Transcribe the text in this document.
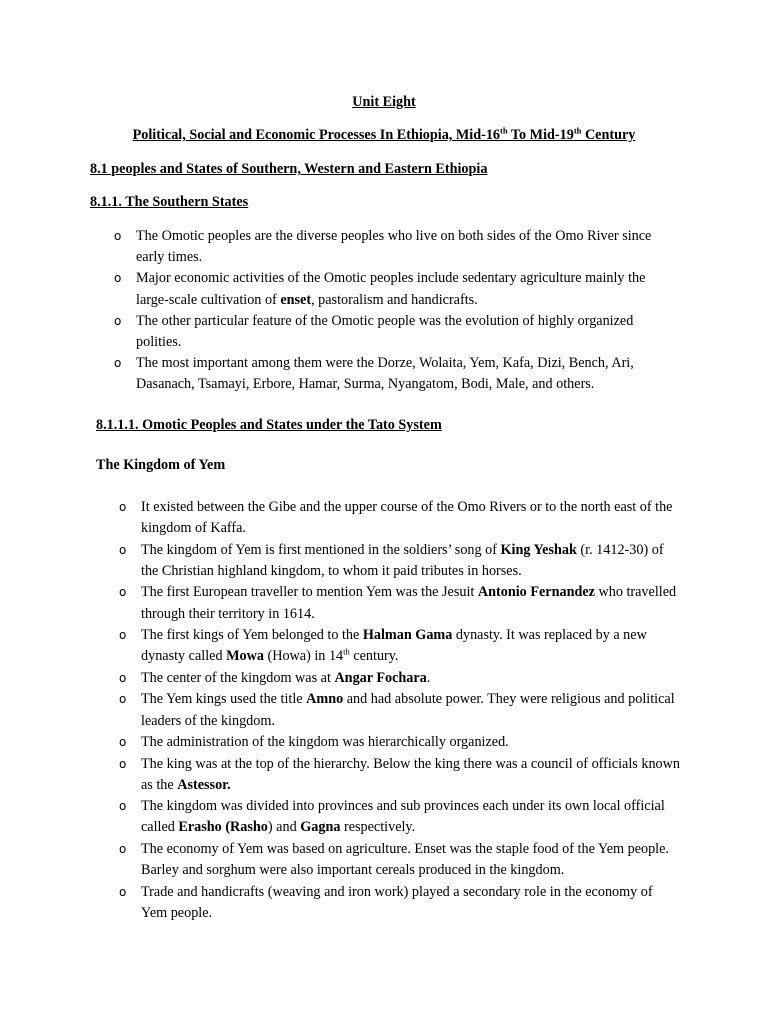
Unit Eight
Political, Social and Economic Processes In Ethiopia, Mid-16th To Mid-19th Century
8.1 peoples and States of Southern, Western and Eastern Ethiopia
8.1.1. The Southern States
o The Omotic peoples are the diverse peoples who live on both sides of the Omo River since early times.
o Major economic activities of the Omotic peoples include sedentary agriculture mainly the large-scale cultivation of enset, pastoralism and handicrafts.
o The other particular feature of the Omotic people was the evolution of highly organized polities.
o The most important among them were the Dorze, Wolaita, Yem, Kafa, Dizi, Bench, Ari, Dasanach, Tsamayi, Erbore, Hamar, Surma, Nyangatom, Bodi, Male, and others.
8.1.1.1. Omotic Peoples and States under the Tato System
The Kingdom of Yem
o It existed between the Gibe and the upper course of the Omo Rivers or to the north east of the kingdom of Kaffa.
o The kingdom of Yem is first mentioned in the soldiers’ song of King Yeshak (r. 1412-30) of the Christian highland kingdom, to whom it paid tributes in horses.
o The first European traveller to mention Yem was the Jesuit Antonio Fernandez who travelled through their territory in 1614.
o The first kings of Yem belonged to the Halman Gama dynasty. It was replaced by a new dynasty called Mowa (Howa) in 14th century.
o The center of the kingdom was at Angar Fochara.
o The Yem kings used the title Amno and had absolute power. They were religious and political leaders of the kingdom.
o The administration of the kingdom was hierarchically organized.
o The king was at the top of the hierarchy. Below the king there was a council of officials known as the Astessor.
o The kingdom was divided into provinces and sub provinces each under its own local official called Erasho (Rasho) and Gagna respectively.
o The economy of Yem was based on agriculture. Enset was the staple food of the Yem people. Barley and sorghum were also important cereals produced in the kingdom.
o Trade and handicrafts (weaving and iron work) played a secondary role in the economy of Yem people.
